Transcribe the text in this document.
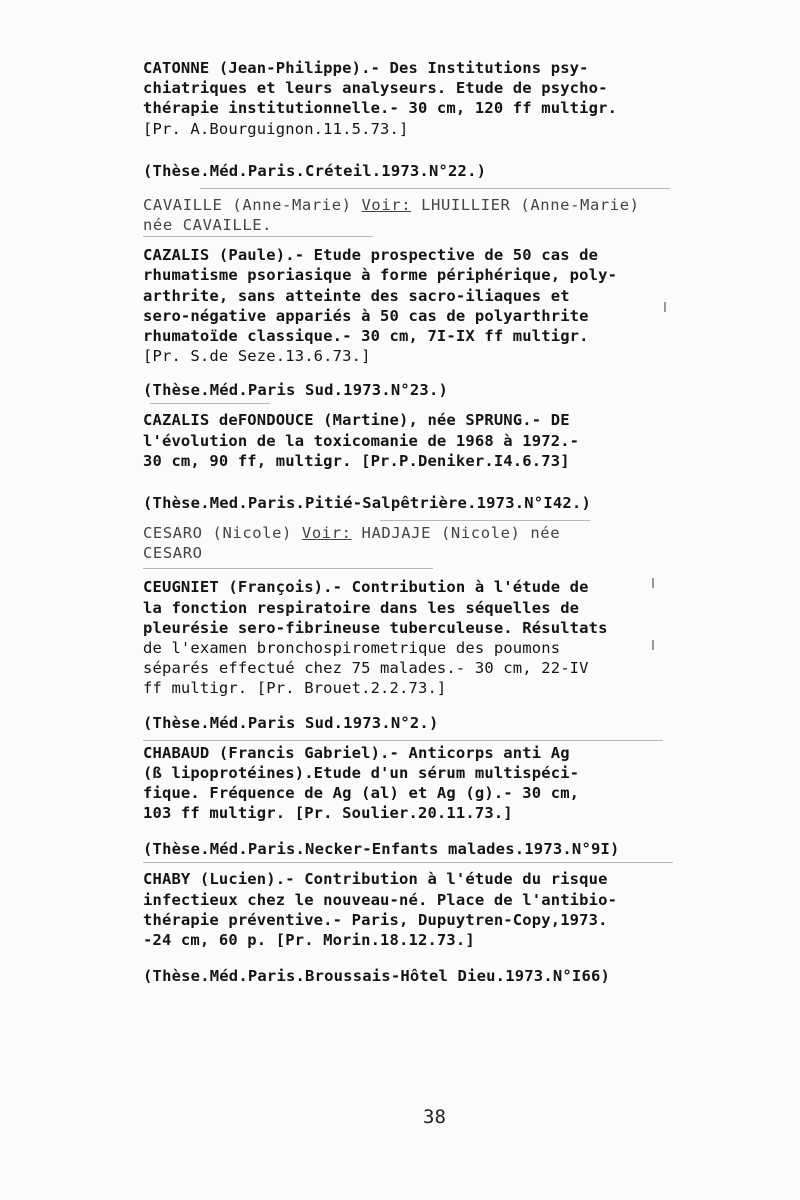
CATONNE (Jean-Philippe).- Des Institutions psy-
chiatriques et leurs analyseurs. Etude de psycho-
thérapie institutionnelle.- 30 cm, 120 ff multigr.
[Pr. A.Bourguignon.11.5.73.]
(Thèse.Méd.Paris.Créteil.1973.N°22.)
CAVAILLE (Anne-Marie) Voir: LHUILLIER (Anne-Marie)
née CAVAILLE.
CAZALIS (Paule).- Etude prospective de 50 cas de
rhumatisme psoriasique à forme périphérique, poly-
arthrite, sans atteinte des sacro-iliaques et
sero-négative appariés à 50 cas de polyarthrite
rhumatoïde classique.- 30 cm, 7I-IX ff multigr.
[Pr. S.de Seze.13.6.73.]
(Thèse.Méd.Paris Sud.1973.N°23.)
CAZALIS deFONDOUCE (Martine), née SPRUNG.- DE
l'évolution de la toxicomanie de 1968 à 1972.-
30 cm, 90 ff, multigr. [Pr.P.Deniker.I4.6.73]
(Thèse.Med.Paris.Pitié-Salpêtrière.1973.N°I42.)
CESARO (Nicole) Voir: HADJAJE (Nicole) née
CESARO
CEUGNIET (François).- Contribution à l'étude de
la fonction respiratoire dans les séquelles de
pleurésie sero-fibrineuse tuberculeuse. Résultats
de l'examen bronchospirometrique des poumons
séparés effectué chez 75 malades.- 30 cm, 22-IV
ff multigr. [Pr. Brouet.2.2.73.]
(Thèse.Méd.Paris Sud.1973.N°2.)
CHABAUD (Francis Gabriel).- Anticorps anti Ag
(ß lipoprotéines).Etude d'un sérum multispéci-
fique. Fréquence de Ag (al) et Ag (g).- 30 cm,
103 ff multigr. [Pr. Soulier.20.11.73.]
(Thèse.Méd.Paris.Necker-Enfants malades.1973.N°9I)
CHABY (Lucien).- Contribution à l'étude du risque
infectieux chez le nouveau-né. Place de l'antibio-
thérapie préventive.- Paris, Dupuytren-Copy,1973.
-24 cm, 60 p. [Pr. Morin.18.12.73.]
(Thèse.Méd.Paris.Broussais-Hôtel Dieu.1973.N°I66)
38
